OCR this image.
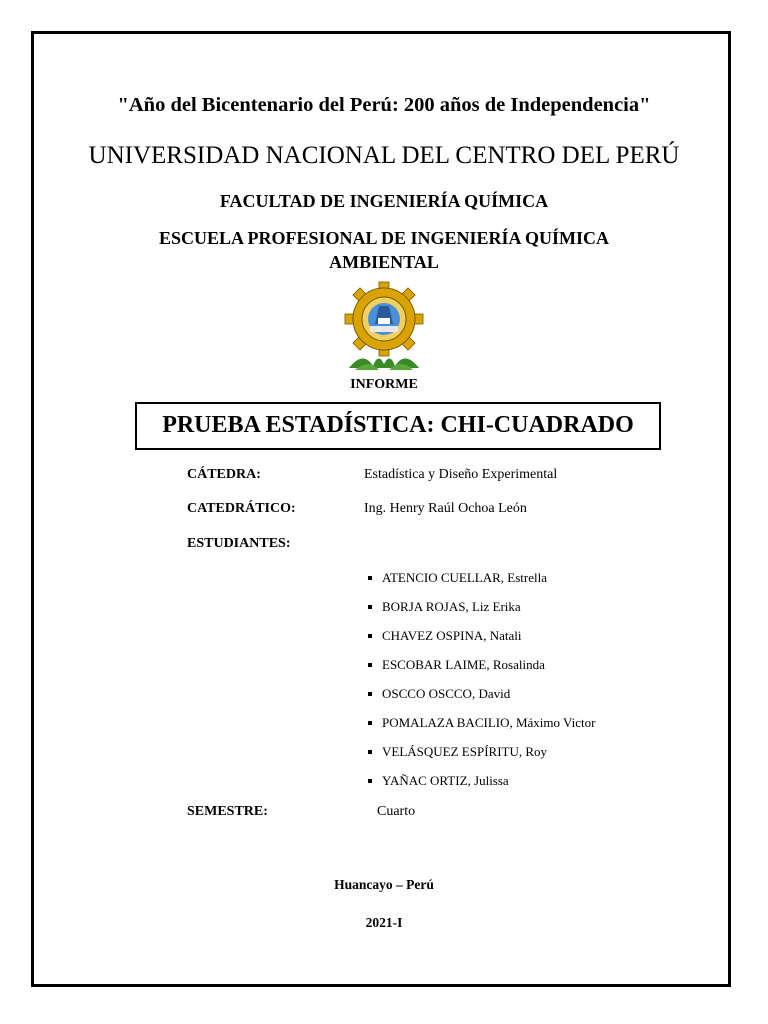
"Año del Bicentenario del Perú: 200 años de Independencia"
UNIVERSIDAD NACIONAL DEL CENTRO DEL PERÚ
FACULTAD DE INGENIERÍA QUÍMICA
ESCUELA PROFESIONAL DE INGENIERÍA QUÍMICA
AMBIENTAL
INFORME
PRUEBA ESTADÍSTICA: CHI-CUADRADO
CÁTEDRA:	Estadística y Diseño Experimental
CATEDRÁTICO:	Ing. Henry Raúl Ochoa León
ESTUDIANTES:
ATENCIO CUELLAR, Estrella
BORJA ROJAS, Liz Erika
CHAVEZ OSPINA, Natali
ESCOBAR LAIME, Rosalinda
OSCCO OSCCO, David
POMALAZA BACILIO, Máximo Victor
VELÁSQUEZ ESPÍRITU, Roy
YAÑAC ORTIZ, Julissa
SEMESTRE:	Cuarto
Huancayo – Perú
2021-I
